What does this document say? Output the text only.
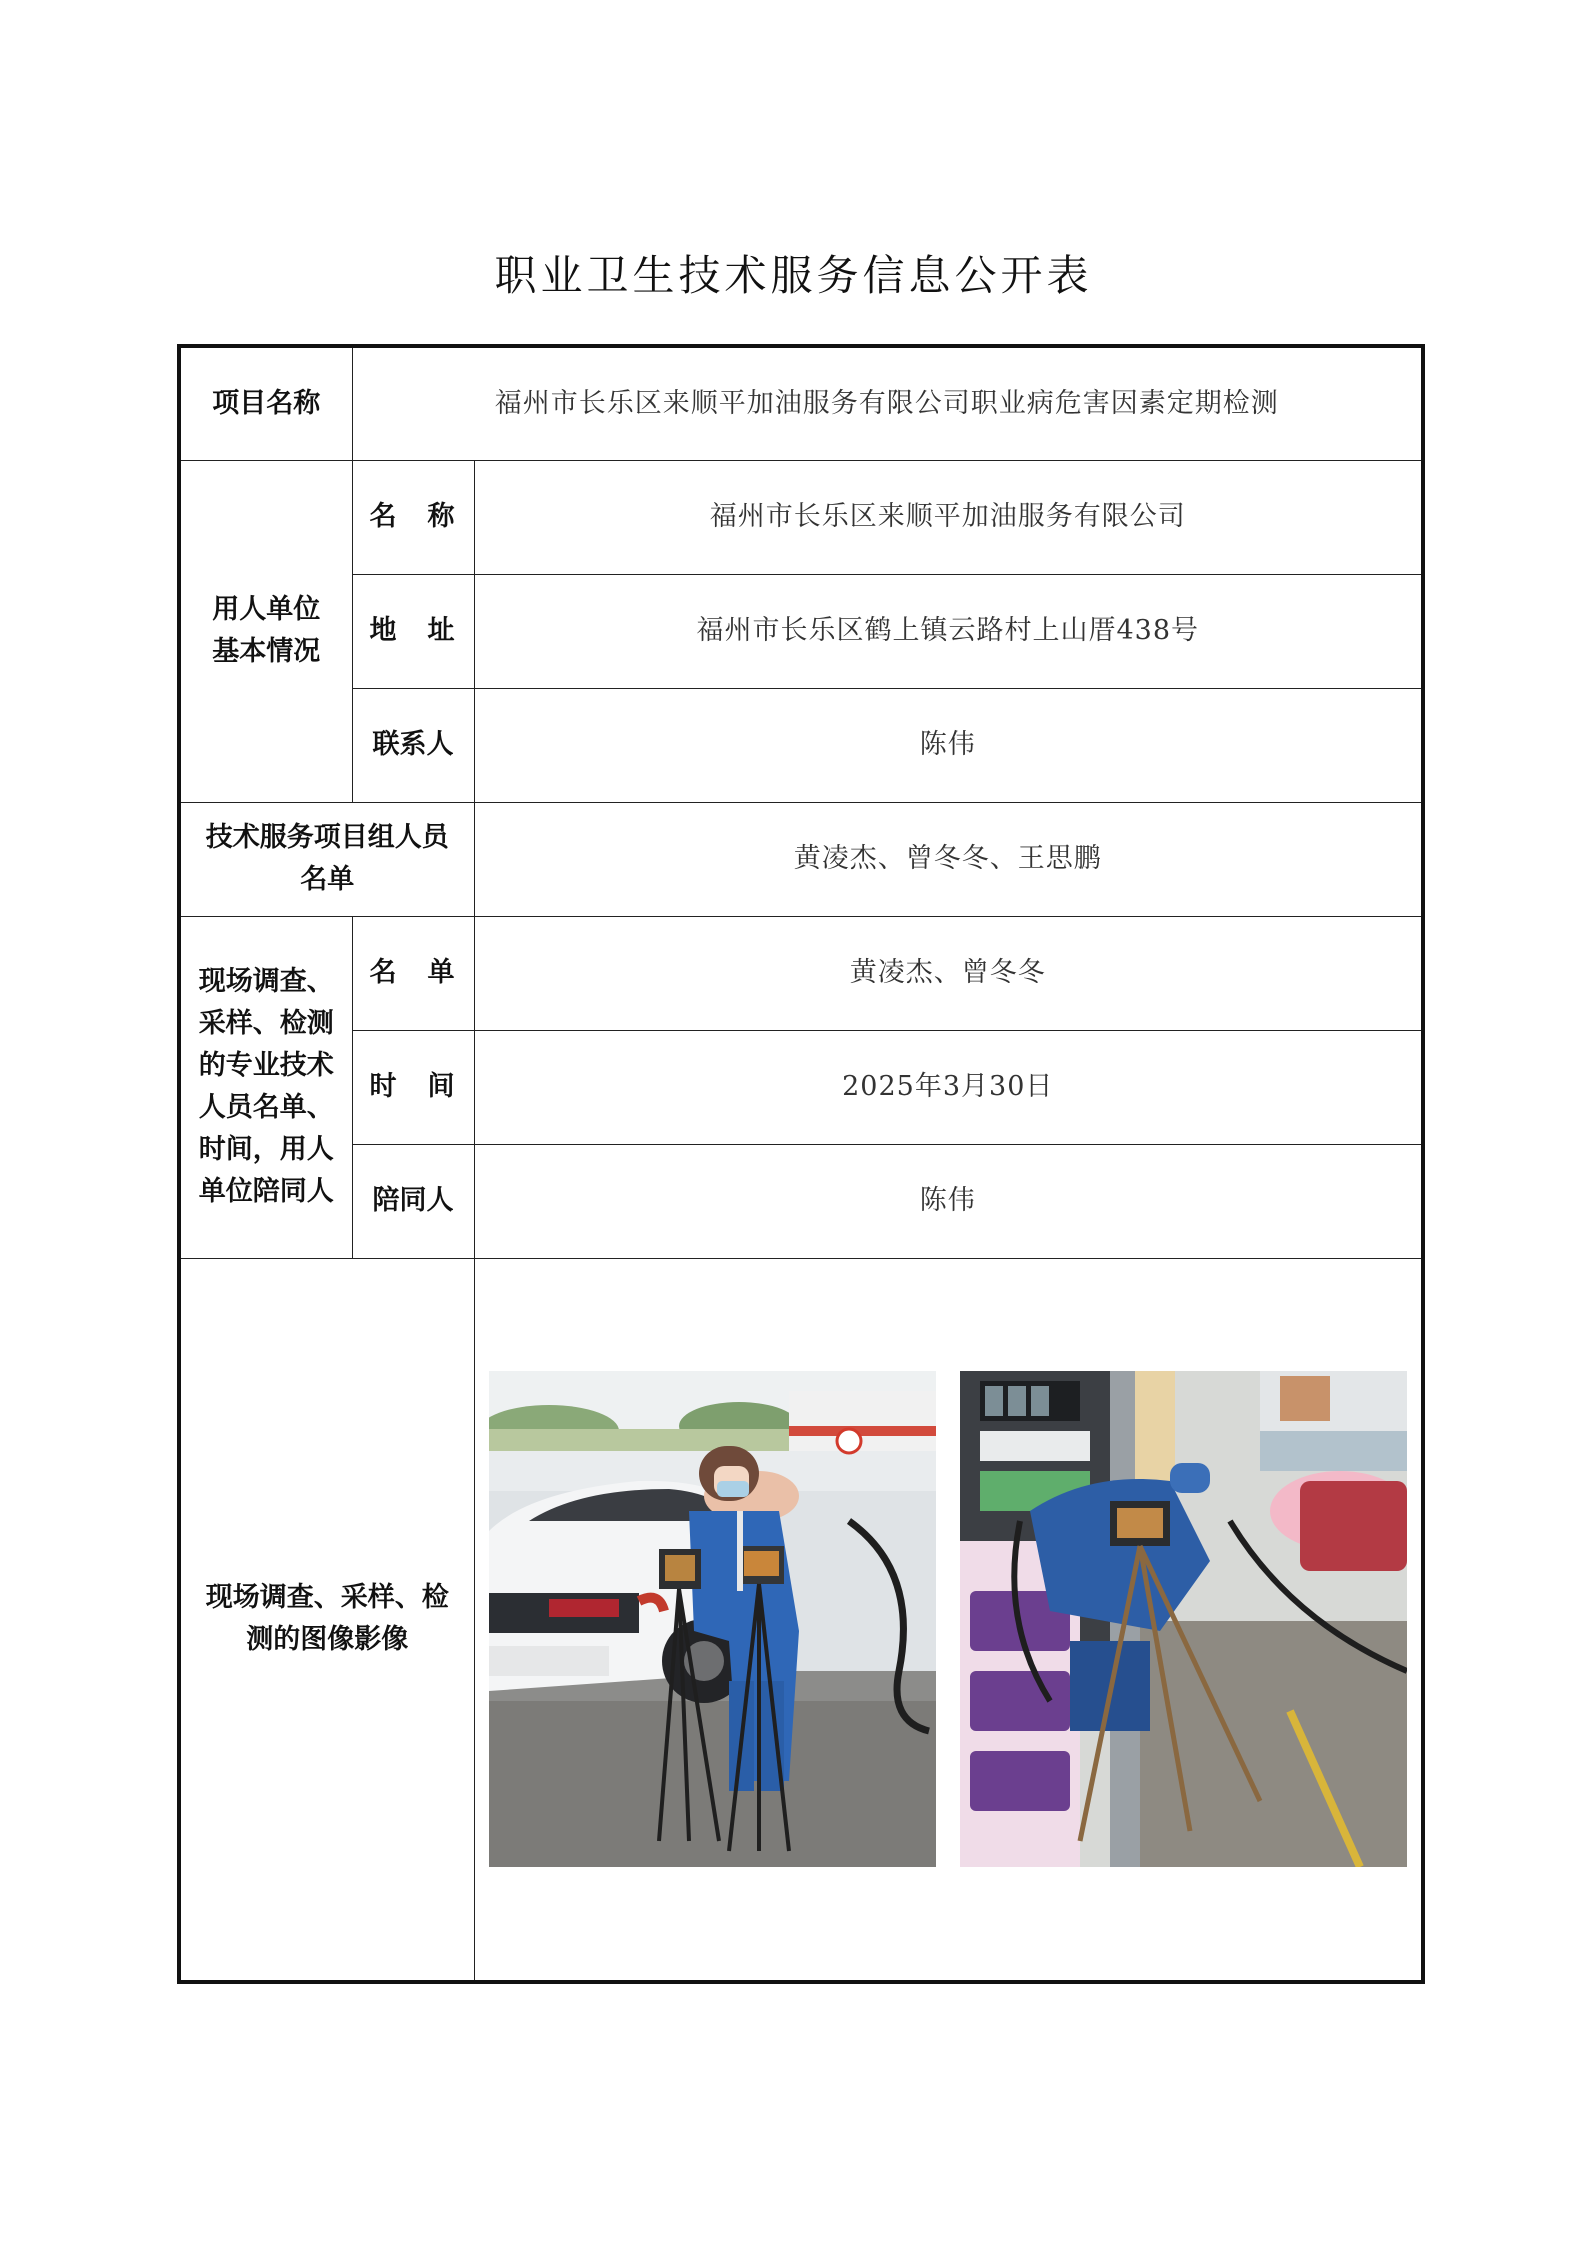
职业卫生技术服务信息公开表
项目名称	福州市长乐区来顺平加油服务有限公司职业病危害因素定期检测	

用人单位基本情况	名　称	福州市长乐区来顺平加油服务有限公司
	地　址	福州市长乐区鹤上镇云路村上山厝438号
	联系人	陈伟

技术服务项目组人员名单		黄凌杰、曾冬冬、王思鹏

现场调查、采样、检测的专业技术人员名单、时间，用人单位陪同人	名　单	黄凌杰、曾冬冬
	时　间	2025年3月30日
	陪同人	陈伟

现场调查、采样、检测的图像影像
